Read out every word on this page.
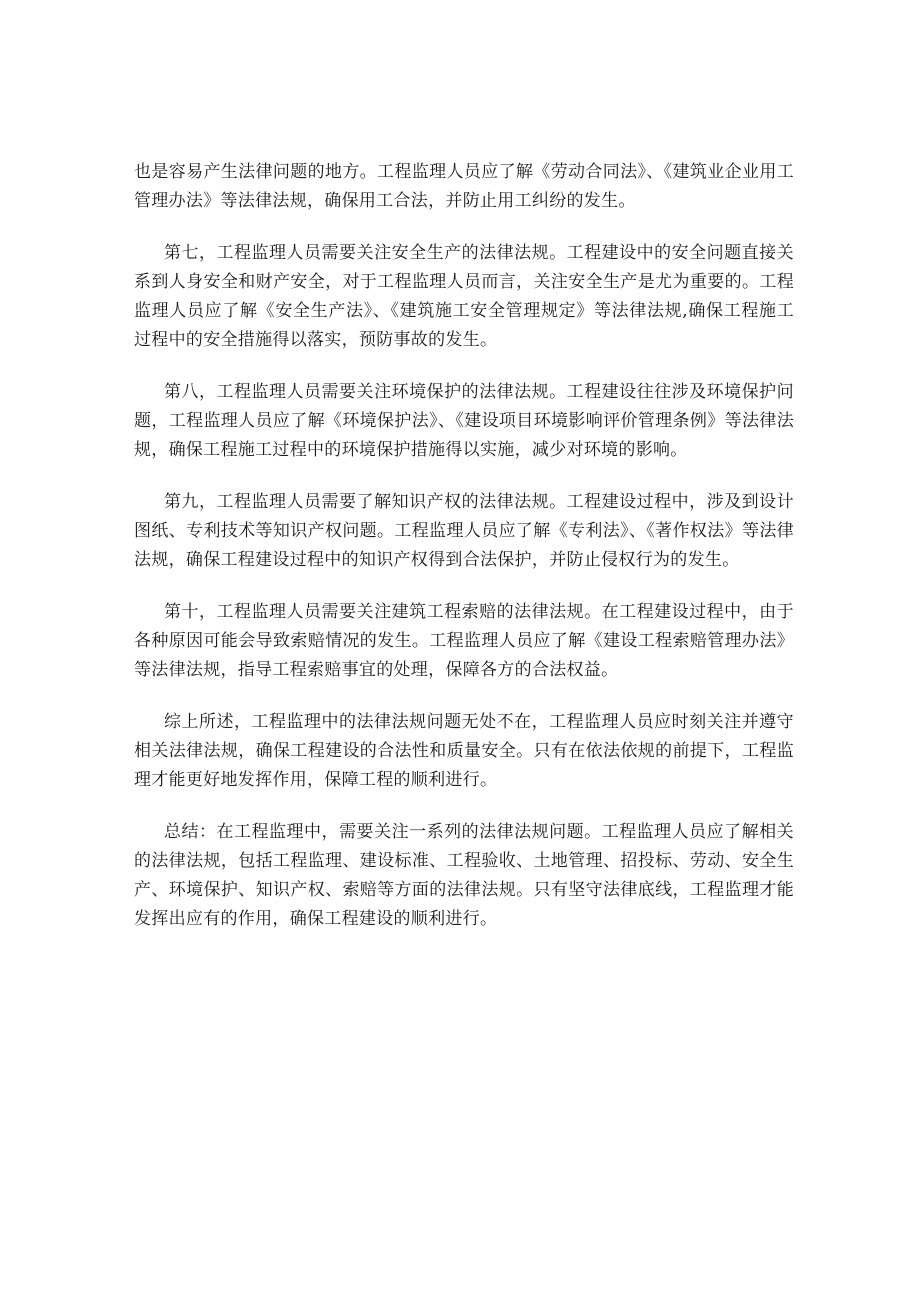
也是容易产生法律问题的地方。工程监理人员应了解《劳动合同法》、《建筑业企业用工管理办法》等法律法规，确保用工合法，并防止用工纠纷的发生。

第七，工程监理人员需要关注安全生产的法律法规。工程建设中的安全问题直接关系到人身安全和财产安全，对于工程监理人员而言，关注安全生产是尤为重要的。工程监理人员应了解《安全生产法》、《建筑施工安全管理规定》等法律法规,确保工程施工过程中的安全措施得以落实，预防事故的发生。

第八，工程监理人员需要关注环境保护的法律法规。工程建设往往涉及环境保护问题，工程监理人员应了解《环境保护法》、《建设项目环境影响评价管理条例》等法律法规，确保工程施工过程中的环境保护措施得以实施，减少对环境的影响。

第九，工程监理人员需要了解知识产权的法律法规。工程建设过程中，涉及到设计图纸、专利技术等知识产权问题。工程监理人员应了解《专利法》、《著作权法》等法律法规，确保工程建设过程中的知识产权得到合法保护，并防止侵权行为的发生。

第十，工程监理人员需要关注建筑工程索赔的法律法规。在工程建设过程中，由于各种原因可能会导致索赔情况的发生。工程监理人员应了解《建设工程索赔管理办法》等法律法规，指导工程索赔事宜的处理，保障各方的合法权益。

综上所述，工程监理中的法律法规问题无处不在，工程监理人员应时刻关注并遵守相关法律法规，确保工程建设的合法性和质量安全。只有在依法依规的前提下，工程监理才能更好地发挥作用，保障工程的顺利进行。

总结：在工程监理中，需要关注一系列的法律法规问题。工程监理人员应了解相关的法律法规，包括工程监理、建设标准、工程验收、土地管理、招投标、劳动、安全生产、环境保护、知识产权、索赔等方面的法律法规。只有坚守法律底线，工程监理才能发挥出应有的作用，确保工程建设的顺利进行。
